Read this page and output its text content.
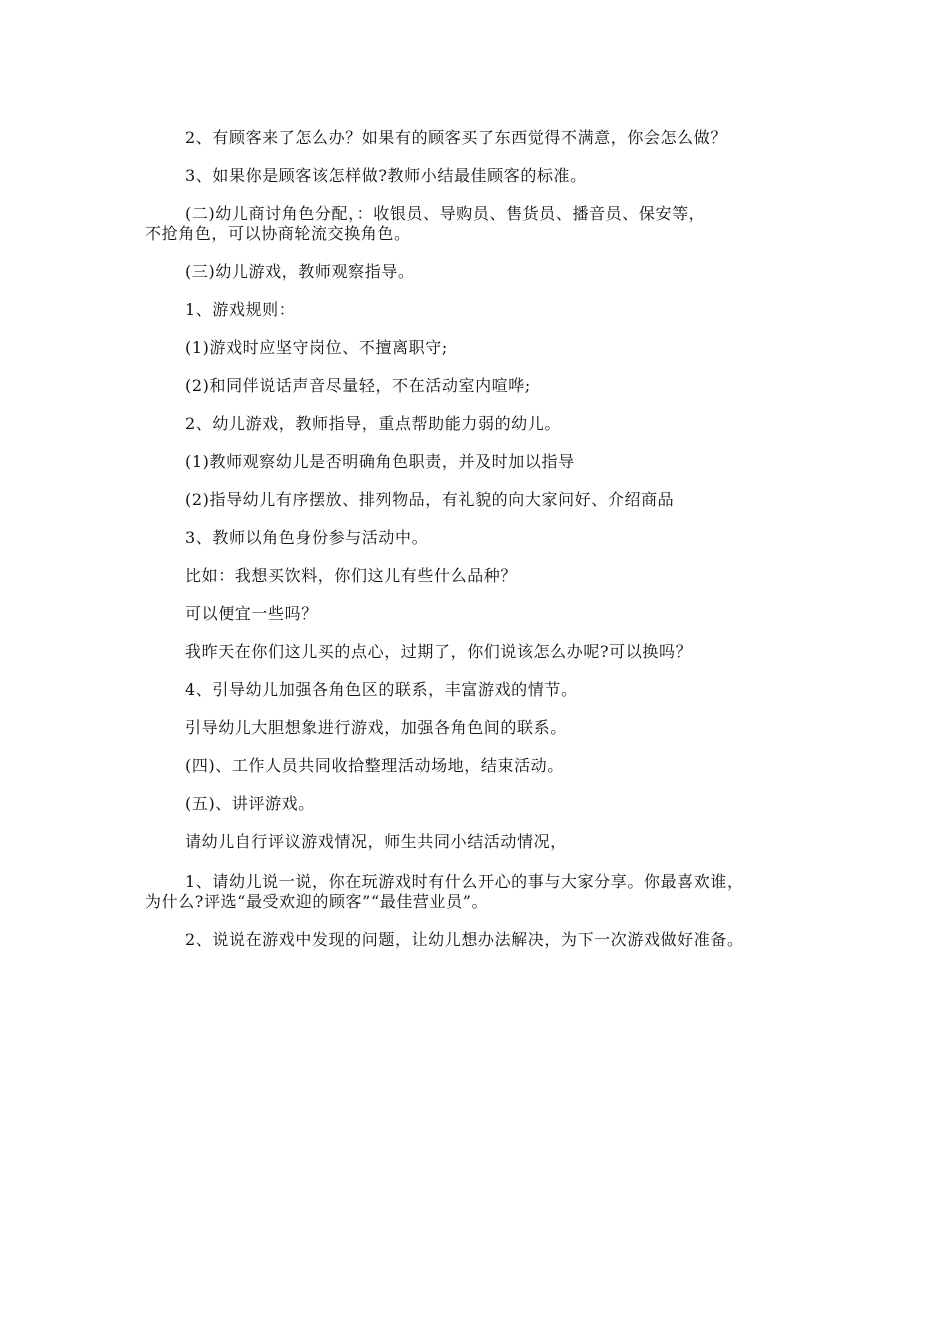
2、有顾客来了怎么办？如果有的顾客买了东西觉得不满意，你会怎么做？

3、如果你是顾客该怎样做?教师小结最佳顾客的标准。

(二)幼儿商讨角色分配，：收银员、导购员、售货员、播音员、保安等，
不抢角色，可以协商轮流交换角色。

(三)幼儿游戏，教师观察指导。

1、游戏规则：

(1)游戏时应坚守岗位、不擅离职守;

(2)和同伴说话声音尽量轻，不在活动室内喧哗;

2、幼儿游戏，教师指导，重点帮助能力弱的幼儿。

(1)教师观察幼儿是否明确角色职责，并及时加以指导

(2)指导幼儿有序摆放、排列物品，有礼貌的向大家问好、介绍商品

3、教师以角色身份参与活动中。

比如：我想买饮料，你们这儿有些什么品种？

可以便宜一些吗？

我昨天在你们这儿买的点心，过期了，你们说该怎么办呢?可以换吗？

4、引导幼儿加强各角色区的联系，丰富游戏的情节。

引导幼儿大胆想象进行游戏，加强各角色间的联系。

(四)、工作人员共同收拾整理活动场地，结束活动。

(五)、讲评游戏。

请幼儿自行评议游戏情况，师生共同小结活动情况，

1、请幼儿说一说，你在玩游戏时有什么开心的事与大家分享。你最喜欢谁，
为什么?评选“最受欢迎的顾客”“最佳营业员”。

2、说说在游戏中发现的问题，让幼儿想办法解决，为下一次游戏做好准备。
